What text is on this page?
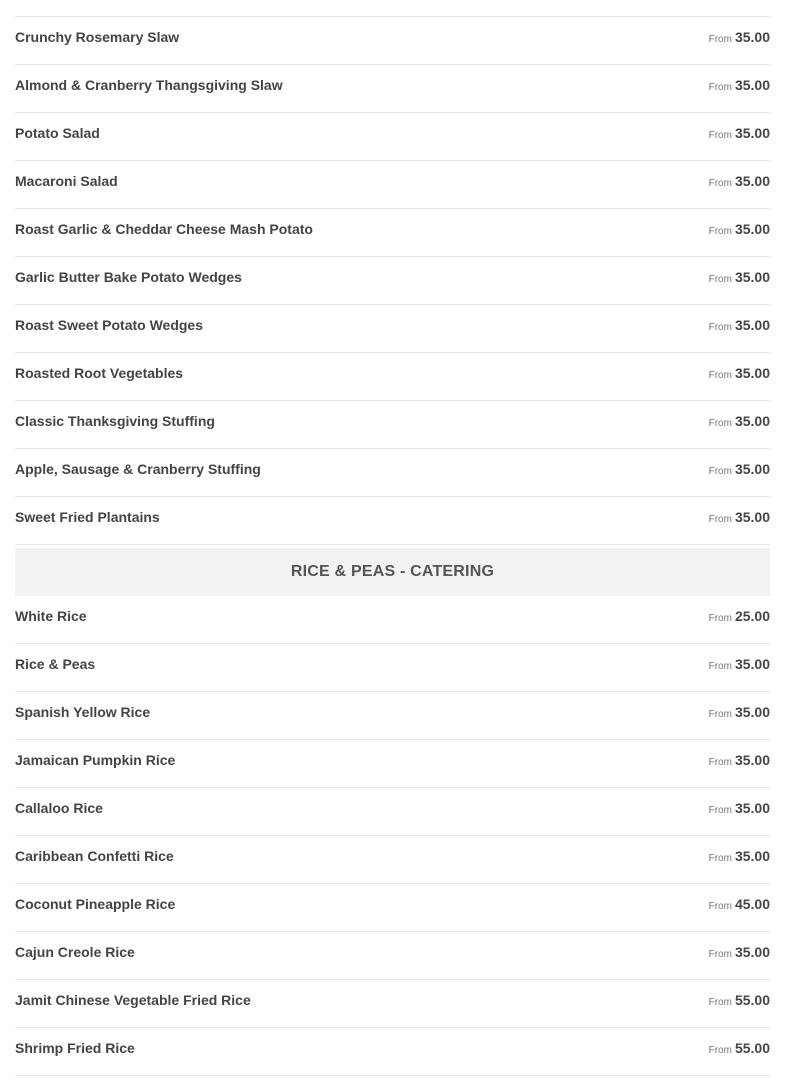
Crunchy Rosemary Slaw	From 35.00
Almond & Cranberry Thangsgiving Slaw	From 35.00
Potato Salad	From 35.00
Macaroni Salad	From 35.00
Roast Garlic & Cheddar Cheese Mash Potato	From 35.00
Garlic Butter Bake Potato Wedges	From 35.00
Roast Sweet Potato Wedges	From 35.00
Roasted Root Vegetables	From 35.00
Classic Thanksgiving Stuffing	From 35.00
Apple, Sausage & Cranberry Stuffing	From 35.00
Sweet Fried Plantains	From 35.00
RICE & PEAS - CATERING
White Rice	From 25.00
Rice & Peas	From 35.00
Spanish Yellow Rice	From 35.00
Jamaican Pumpkin Rice	From 35.00
Callaloo Rice	From 35.00
Caribbean Confetti Rice	From 35.00
Coconut Pineapple Rice	From 45.00
Cajun Creole Rice	From 35.00
Jamit Chinese Vegetable Fried Rice	From 55.00
Shrimp Fried Rice	From 55.00
